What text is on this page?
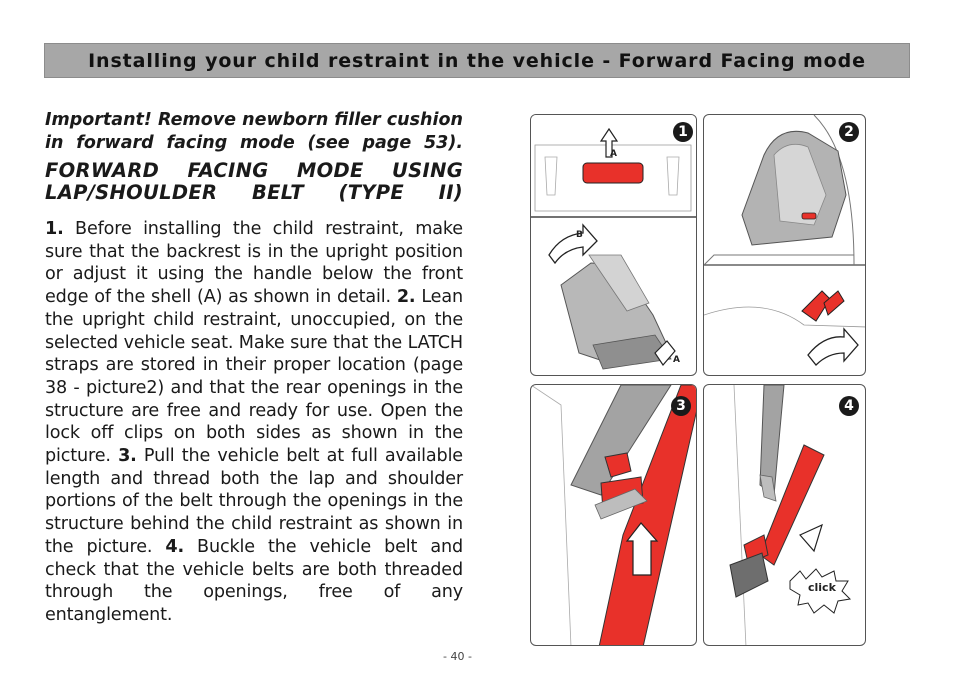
Installing your child restraint in the vehicle - Forward Facing mode

Important! Remove newborn filler cushion in forward facing mode (see page 53).

FORWARD FACING MODE USING LAP/SHOULDER BELT (TYPE II)

1. Before installing the child restraint, make sure that the backrest is in the upright position or adjust it using the handle below the front edge of the shell (A) as shown in detail. 2. Lean the upright child restraint, unoccupied, on the selected vehicle seat. Make sure that the LATCH straps are stored in their proper location (page 38 - picture2) and that the rear openings in the structure are free and ready for use. Open the lock off clips on both sides as shown in the picture. 3. Pull the vehicle belt at full available length and thread both the lap and shoulder portions of the belt through the openings in the structure behind the child restraint as shown in the picture. 4. Buckle the vehicle belt and check that the vehicle belts are both threaded through the openings, free of any entanglement.

- 40 -
1
A
B
A
2
3	4
click
